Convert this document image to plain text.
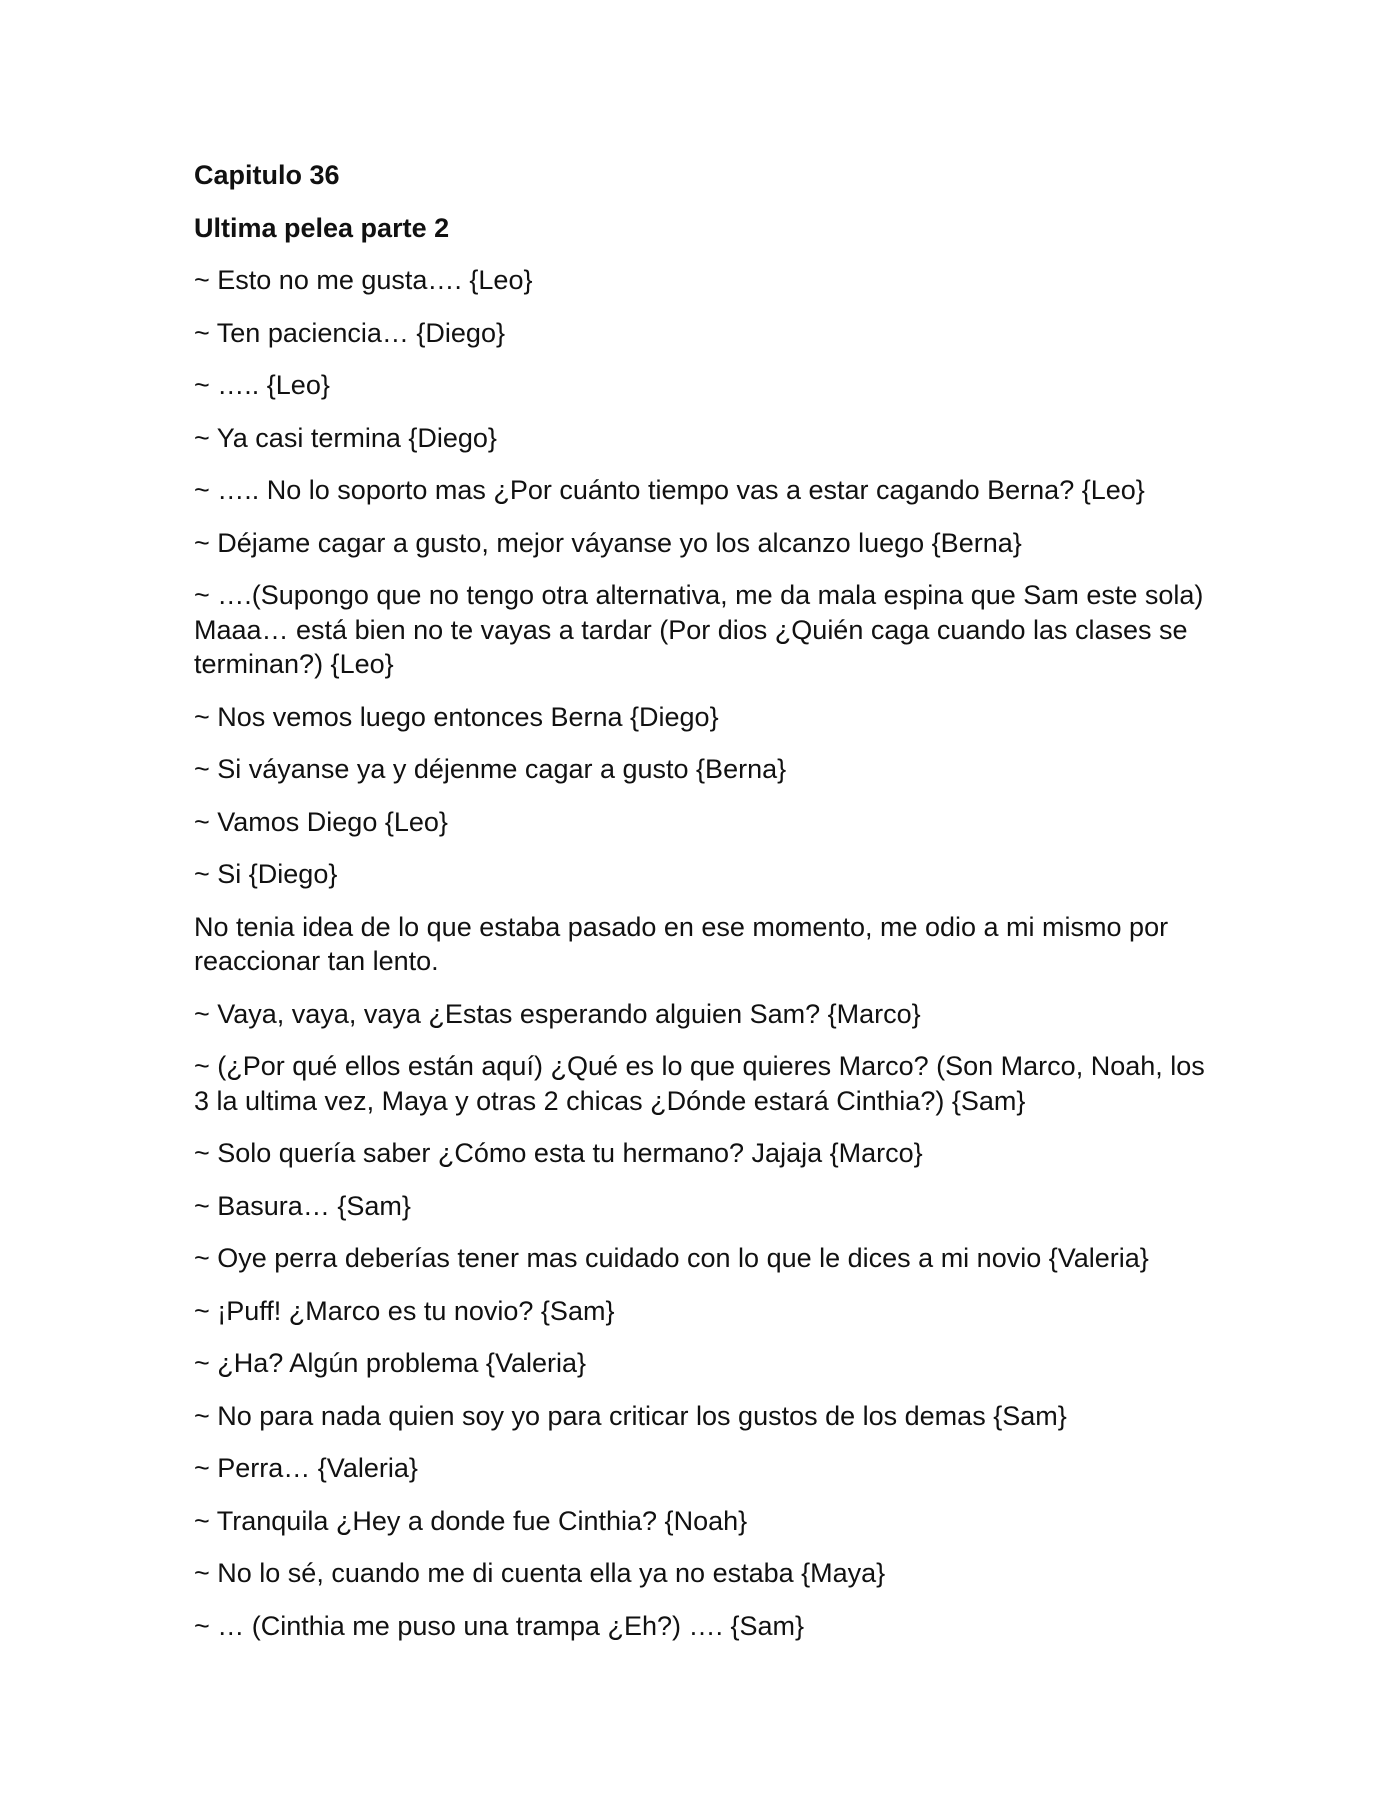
Capitulo 36
Ultima pelea parte 2
~ Esto no me gusta…. {Leo}
~ Ten paciencia… {Diego}
~ ….. {Leo}
~ Ya casi termina {Diego}
~ ….. No lo soporto mas ¿Por cuánto tiempo vas a estar cagando Berna? {Leo}
~ Déjame cagar a gusto, mejor váyanse yo los alcanzo luego {Berna}
~ ….(Supongo que no tengo otra alternativa, me da mala espina que Sam este sola) Maaa… está bien no te vayas a tardar (Por dios ¿Quién caga cuando las clases se terminan?) {Leo}
~ Nos vemos luego entonces Berna {Diego}
~ Si váyanse ya y déjenme cagar a gusto {Berna}
~ Vamos Diego {Leo}
~ Si {Diego}
No tenia idea de lo que estaba pasado en ese momento, me odio a mi mismo por reaccionar tan lento.
~ Vaya, vaya, vaya ¿Estas esperando alguien Sam? {Marco}
~ (¿Por qué ellos están aquí) ¿Qué es lo que quieres Marco? (Son Marco, Noah, los 3 la ultima vez, Maya y otras 2 chicas ¿Dónde estará Cinthia?) {Sam}
~ Solo quería saber ¿Cómo esta tu hermano? Jajaja {Marco}
~ Basura… {Sam}
~ Oye perra deberías tener mas cuidado con lo que le dices a mi novio {Valeria}
~ ¡Puff! ¿Marco es tu novio? {Sam}
~ ¿Ha? Algún problema {Valeria}
~ No para nada quien soy yo para criticar los gustos de los demas {Sam}
~ Perra… {Valeria}
~ Tranquila ¿Hey a donde fue Cinthia? {Noah}
~ No lo sé, cuando me di cuenta ella ya no estaba {Maya}
~ … (Cinthia me puso una trampa ¿Eh?) …. {Sam}
